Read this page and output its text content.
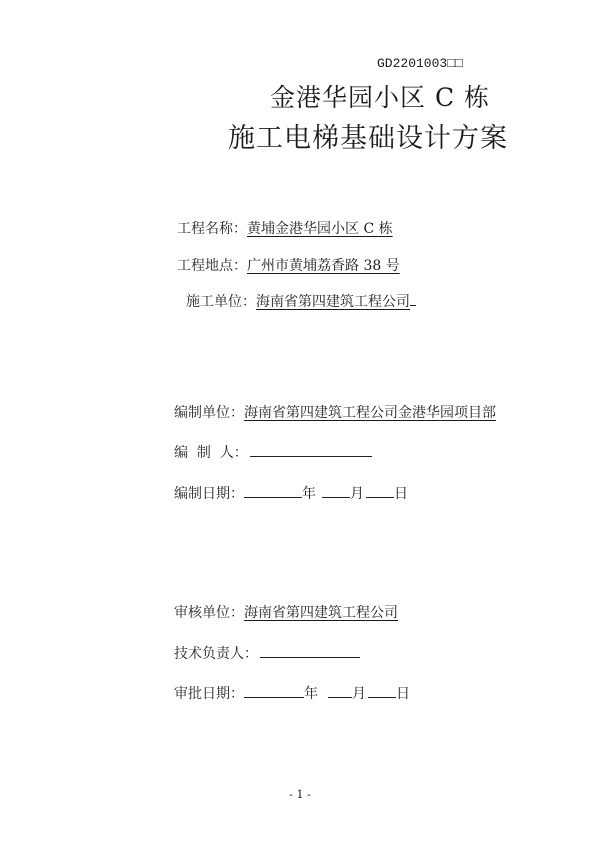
GD2201003□□
金港华园小区 C 栋
施工电梯基础设计方案
工程名称： 黄埔金港华园小区 C 栋
工程地点： 广州市黄埔荔香路 38 号
施工单位： 海南省第四建筑工程公司
编制单位： 海南省第四建筑工程公司金港华园项目部
编  制  人：
编制日期：	年 月 日
审核单位： 海南省第四建筑工程公司
技术负责人：
审批日期：	年 月 日
- 1 -
